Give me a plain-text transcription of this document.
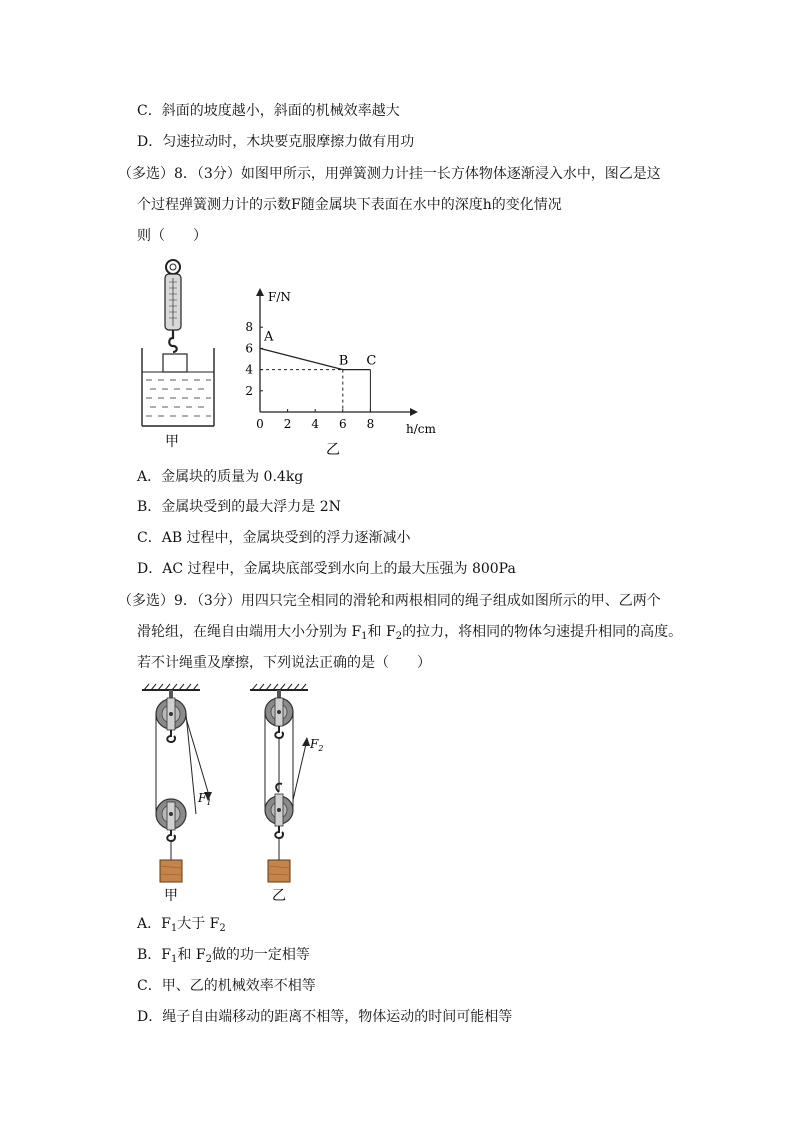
C．斜面的坡度越小，斜面的机械效率越大
D．匀速拉动时，木块要克服摩擦力做有用功
（多选）8．（3分）如图甲所示，用弹簧测力计挂一长方体物体逐渐浸入水中，图乙是这
个过程弹簧测力计的示数F随金属块下表面在水中的深度h的变化情况
则（　　）
甲
F/N
h/cm
乙
0 2 4 6 8
2
4
6
8
A
B C
A．金属块的质量为 0.4kg
B．金属块受到的最大浮力是 2N
C．AB 过程中，金属块受到的浮力逐渐减小
D．AC 过程中，金属块底部受到水向上的最大压强为 800Pa
（多选）9．（3分）用四只完全相同的滑轮和两根相同的绳子组成如图所示的甲、乙两个
滑轮组，在绳自由端用大小分别为 $F_1$和 $F_2$的拉力，将相同的物体匀速提升相同的高度。
若不计绳重及摩擦，下列说法正确的是（　　）
$F_1$
甲
$F_2$
乙
A．$F_1$大于 $F_2$
B．$F_1$和 $F_2$做的功一定相等
C．甲、乙的机械效率不相等
D．绳子自由端移动的距离不相等，物体运动的时间可能相等
